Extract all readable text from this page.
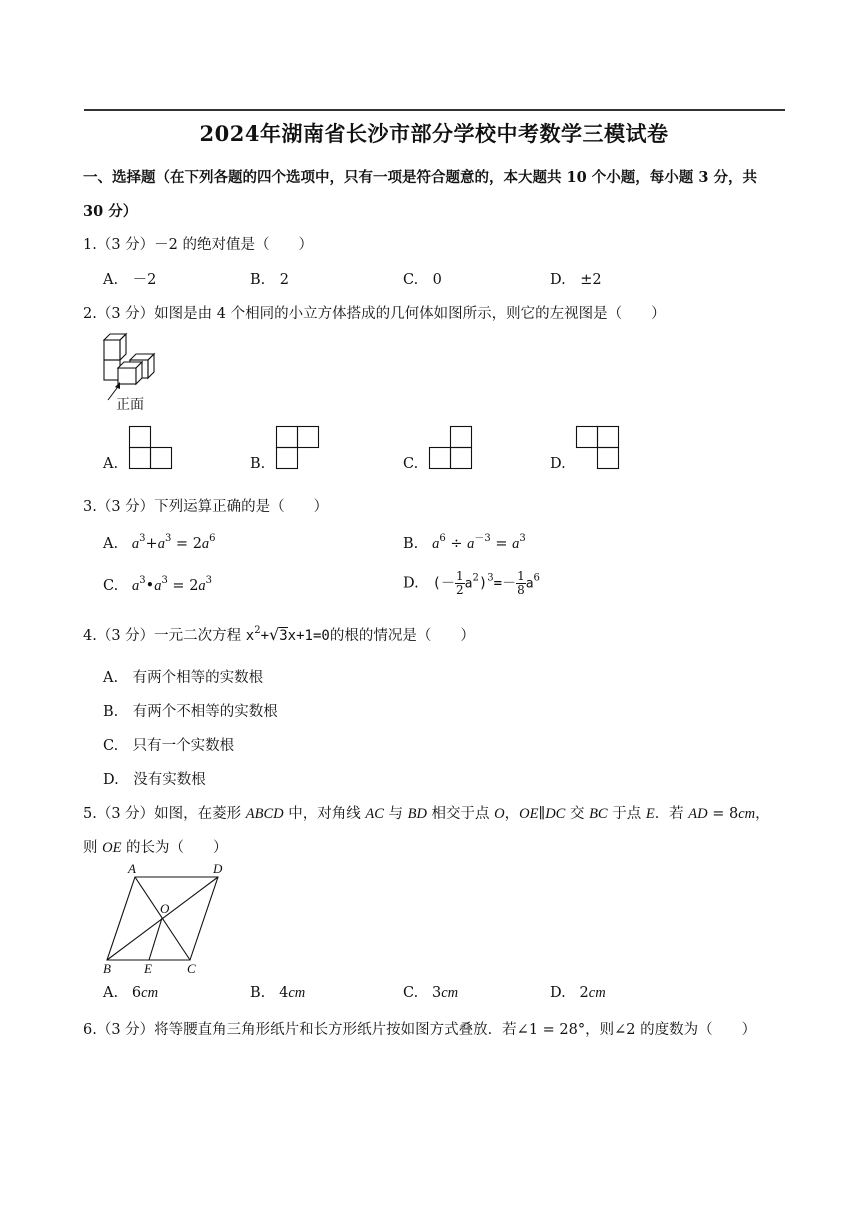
2024年湖南省长沙市部分学校中考数学三模试卷
一、选择题（在下列各题的四个选项中，只有一项是符合题意的，本大题共 10 个小题，每小题 3 分，共
30 分）
1.（3 分）－2 的绝对值是（　　）
A.　－2	B.　2	C.　0	D.　±2
2.（3 分）如图是由 4 个相同的小立方体搭成的几何体如图所示，则它的左视图是（　　）
正面
A.	B.	C.	D.
3.（3 分）下列运算正确的是（　　）
A. $a^3+a^3 = 2a^6$	B. $a^6 \div a^{-3} = a^3$
C. $a^3•a^3 = 2a^3$	D. (－ $\frac{1}{2} a^2)^3=- \frac{1}{8} a^6$
4.（3 分）一元二次方程 $x^2+√3x+1=0$的根的情况是（　　）
A.　有两个相等的实数根
B.　有两个不相等的实数根
C.　只有一个实数根
D.　没有实数根
5.（3 分）如图，在菱形 ABCD 中，对角线 AC 与 BD 相交于点 O，OE∥DC 交 BC 于点 E．若 AD = 8cm，
则 OE 的长为（　　）
A	D
O
B	E	C
A. 6cm	B. 4cm	C. 3cm	D. 2cm
6.（3 分）将等腰直角三角形纸片和长方形纸片按如图方式叠放．若∠1 = 28°，则∠2 的度数为（　　）
